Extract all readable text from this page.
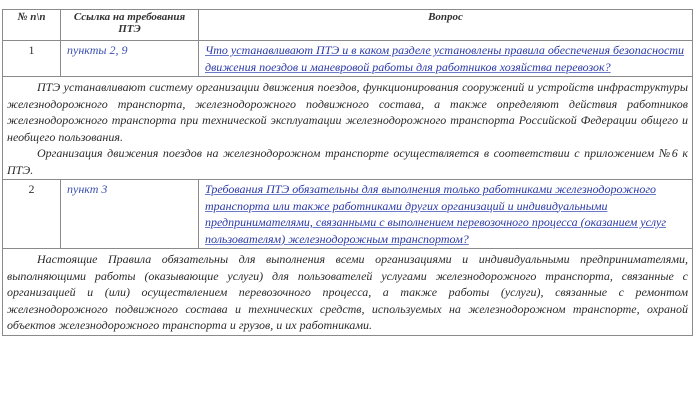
№ п\п	Ссылка на требования ПТЭ	Вопрос
1	пункты 2, 9	Что устанавливают ПТЭ и в каком разделе установлены правила обеспечения безопасности движения поездов и маневровой работы для работников хозяйства перевозок?

ПТЭ устанавливают систему организации движения поездов, функционирования сооружений и устройств инфраструктуры железнодорожного транспорта, железнодорожного подвижного состава, а также определяют действия работников железнодорожного транспорта при технической эксплуатации железнодорожного транспорта Российской Федерации общего и необщего пользования.

Организация движения поездов на железнодорожном транспорте осуществляется в соответствии с приложением №6 к ПТЭ.		

2	пункт 3	Требования ПТЭ обязательны для выполнения только работниками железнодорожного транспорта или также работниками других организаций и индивидуальными предпринимателями, связанными с выполнением перевозочного процесса (оказанием услуг пользователям) железнодорожным транспортом?

Настоящие Правила обязательны для выполнения всеми организациями и индивидуальными предпринимателями, выполняющими работы (оказывающие услуги) для пользователей услугами железнодорожного транспорта, связанные с организацией и (или) осуществлением перевозочного процесса, а также работы (услуги), связанные с ремонтом железнодорожного подвижного состава и технических средств, используемых на железнодорожном транспорте, охраной объектов железнодорожного транспорта и грузов, и их работниками.		
